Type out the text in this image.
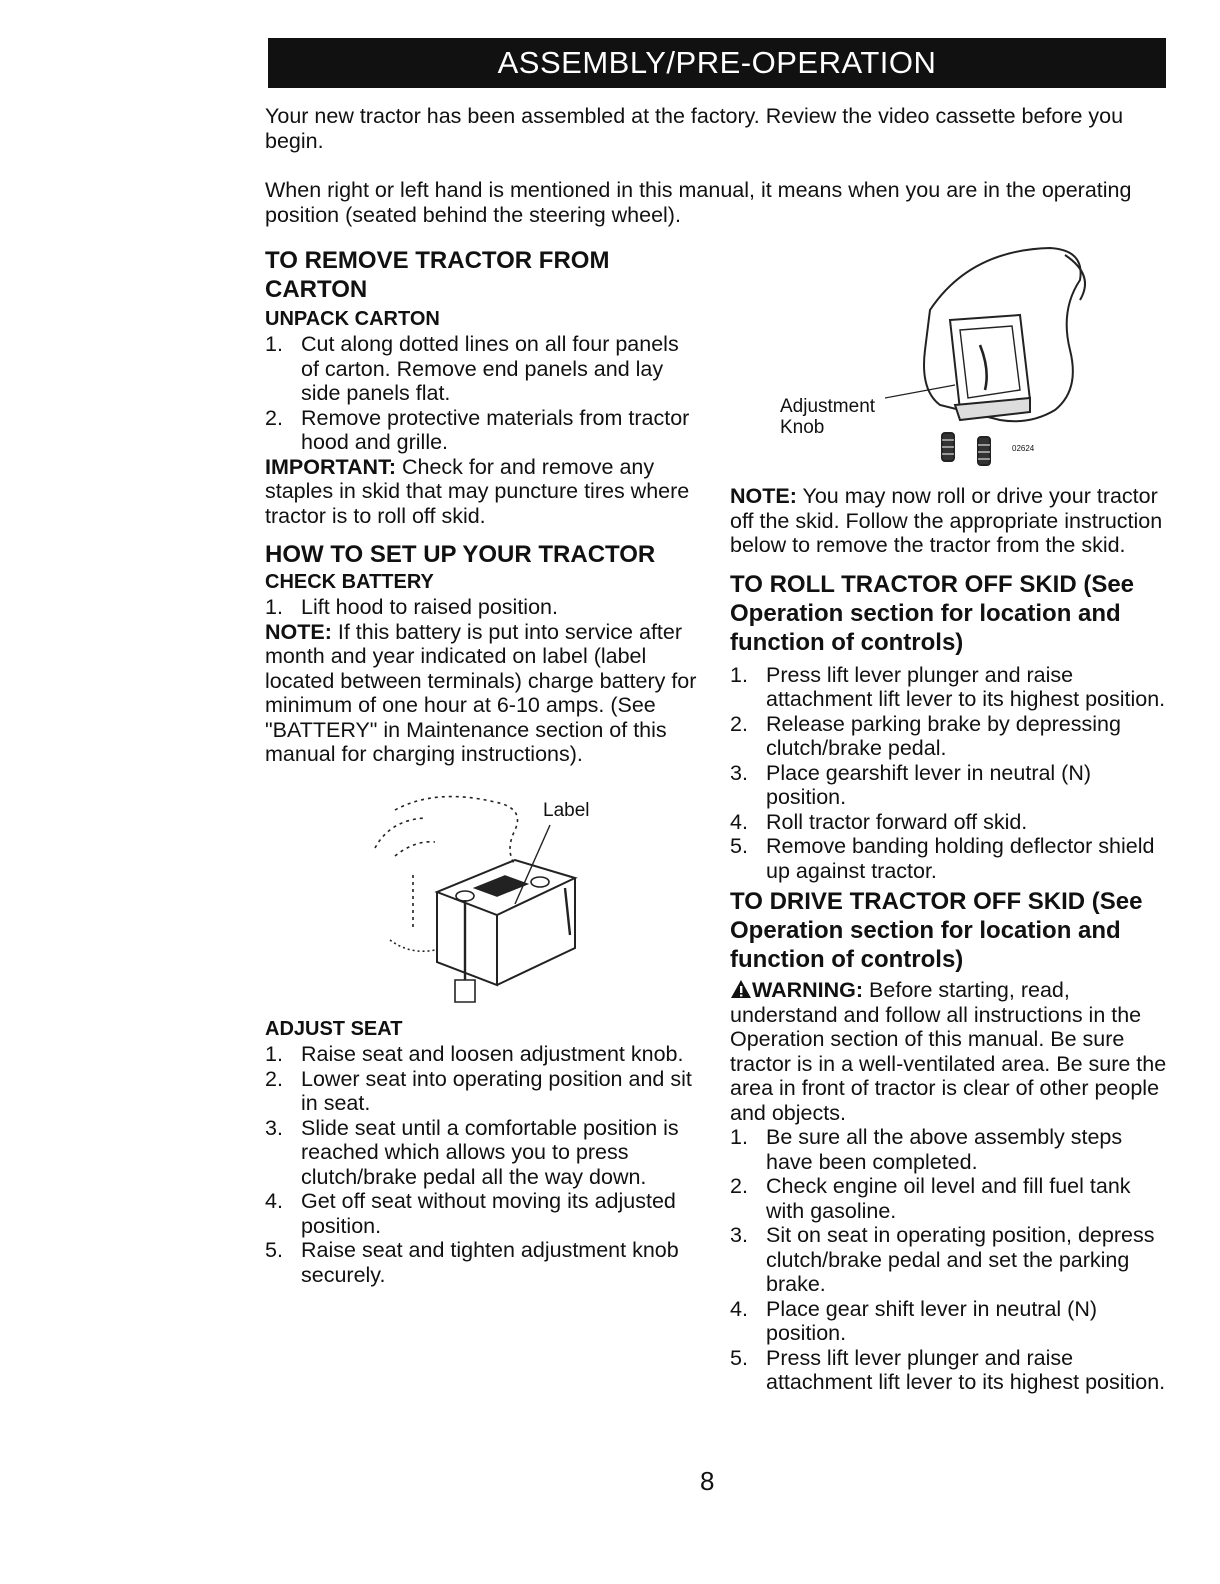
ASSEMBLY/PRE-OPERATION

Your new tractor has been assembled at the factory. Review the video cassette before you begin.

When right or left hand is mentioned in this manual, it means when you are in the operating position (seated behind the steering wheel).

TO REMOVE TRACTOR FROM CARTON

UNPACK CARTON

1. Cut along dotted lines on all four panels of carton. Remove end panels and lay side panels flat.
2. Remove protective materials from tractor hood and grille.

IMPORTANT: Check for and remove any staples in skid that may puncture tires where tractor is to roll off skid.

HOW TO SET UP YOUR TRACTOR

CHECK BATTERY

1. Lift hood to raised position.

NOTE: If this battery is put into service after month and year indicated on label (label located between terminals) charge battery for minimum of one hour at 6-10 amps. (See "BATTERY" in Maintenance section of this manual for charging instructions).

Label

ADJUST SEAT

1. Raise seat and loosen adjustment knob.
2. Lower seat into operating position and sit in seat.
3. Slide seat until a comfortable position is reached which allows you to press clutch/brake pedal all the way down.
4. Get off seat without moving its adjusted position.
5. Raise seat and tighten adjustment knob securely.
Adjustment Knob
02624

NOTE: You may now roll or drive your tractor off the skid. Follow the appropriate instruction below to remove the tractor from the skid.

TO ROLL TRACTOR OFF SKID (See Operation section for location and function of controls)

1. Press lift lever plunger and raise attachment lift lever to its highest position.
2. Release parking brake by depressing clutch/brake pedal.
3. Place gearshift lever in neutral (N) position.
4. Roll tractor forward off skid.
5. Remove banding holding deflector shield up against tractor.

TO DRIVE TRACTOR OFF SKID (See Operation section for location and function of controls)

WARNING: Before starting, read, understand and follow all instructions in the Operation section of this manual. Be sure tractor is in a well-ventilated area. Be sure the area in front of tractor is clear of other people and objects.

1. Be sure all the above assembly steps have been completed.
2. Check engine oil level and fill fuel tank with gasoline.
3. Sit on seat in operating position, depress clutch/brake pedal and set the parking brake.
4. Place gear shift lever in neutral (N) position.
5. Press lift lever plunger and raise attachment lift lever to its highest position.
8
